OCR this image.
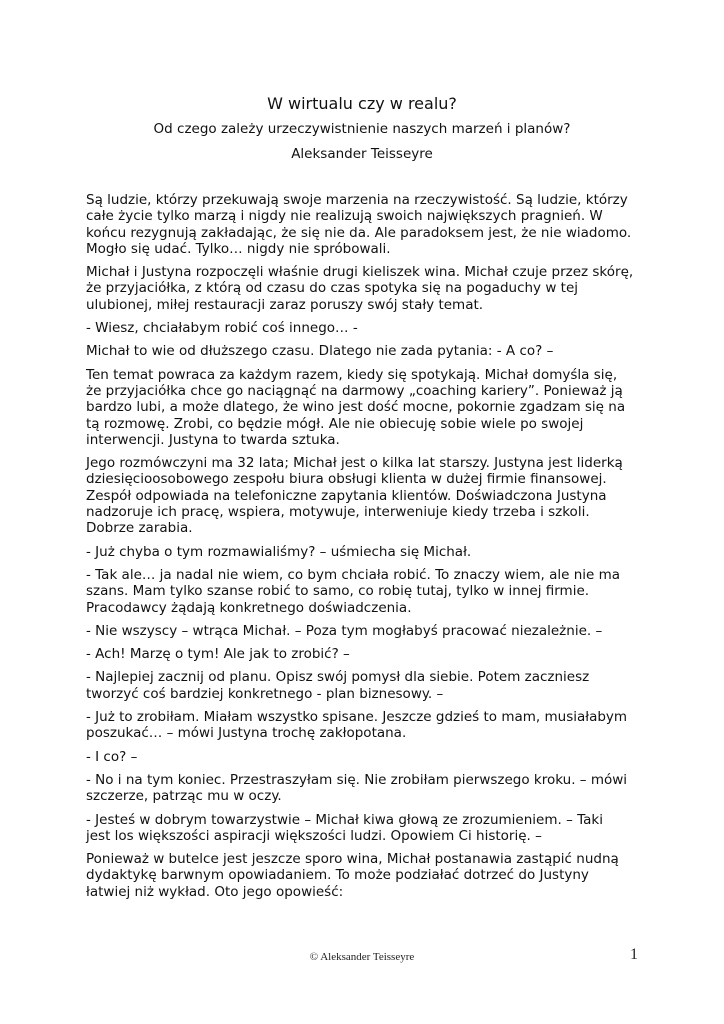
W wirtualu czy w realu?
Od czego zależy urzeczywistnienie naszych marzeń i planów?
Aleksander Teisseyre

Są ludzie, którzy przekuwają swoje marzenia na rzeczywistość. Są ludzie, którzy
całe życie tylko marzą i nigdy nie realizują swoich największych pragnień. W
końcu rezygnują zakładając, że się nie da. Ale paradoksem jest, że nie wiadomo.
Mogło się udać. Tylko… nigdy nie spróbowali.

Michał i Justyna rozpoczęli właśnie drugi kieliszek wina. Michał czuje przez skórę,
że przyjaciółka, z którą od czasu do czas spotyka się na pogaduchy w tej
ulubionej, miłej restauracji zaraz poruszy swój stały temat.

- Wiesz, chciałabym robić coś innego… -

Michał to wie od dłuższego czasu. Dlatego nie zada pytania: - A co? –

Ten temat powraca za każdym razem, kiedy się spotykają. Michał domyśla się,
że przyjaciółka chce go naciągnąć na darmowy „coaching kariery”. Ponieważ ją
bardzo lubi, a może dlatego, że wino jest dość mocne, pokornie zgadzam się na
tą rozmowę. Zrobi, co będzie mógł. Ale nie obiecuję sobie wiele po swojej
interwencji. Justyna to twarda sztuka.

Jego rozmówczyni ma 32 lata; Michał jest o kilka lat starszy. Justyna jest liderką
dziesięcioosobowego zespołu biura obsługi klienta w dużej firmie finansowej.
Zespół odpowiada na telefoniczne zapytania klientów. Doświadczona Justyna
nadzoruje ich pracę, wspiera, motywuje, interweniuje kiedy trzeba i szkoli.
Dobrze zarabia.

- Już chyba o tym rozmawialiśmy? – uśmiecha się Michał.

- Tak ale… ja nadal nie wiem, co bym chciała robić. To znaczy wiem, ale nie ma
szans. Mam tylko szanse robić to samo, co robię tutaj, tylko w innej firmie.
Pracodawcy żądają konkretnego doświadczenia.

- Nie wszyscy – wtrąca Michał. – Poza tym mogłabyś pracować niezależnie. –

- Ach! Marzę o tym! Ale jak to zrobić? –

- Najlepiej zacznij od planu. Opisz swój pomysł dla siebie. Potem zaczniesz
tworzyć coś bardziej konkretnego - plan biznesowy. –

- Już to zrobiłam. Miałam wszystko spisane. Jeszcze gdzieś to mam, musiałabym
poszukać… – mówi Justyna trochę zakłopotana.

- I co? –

- No i na tym koniec. Przestraszyłam się. Nie zrobiłam pierwszego kroku. – mówi
szczerze, patrząc mu w oczy.

- Jesteś w dobrym towarzystwie – Michał kiwa głową ze zrozumieniem. – Taki
jest los większości aspiracji większości ludzi. Opowiem Ci historię. –

Ponieważ w butelce jest jeszcze sporo wina, Michał postanawia zastąpić nudną
dydaktykę barwnym opowiadaniem. To może podziałać dotrzeć do Justyny
łatwiej niż wykład. Oto jego opowieść:

© Aleksander Teisseyre	1
